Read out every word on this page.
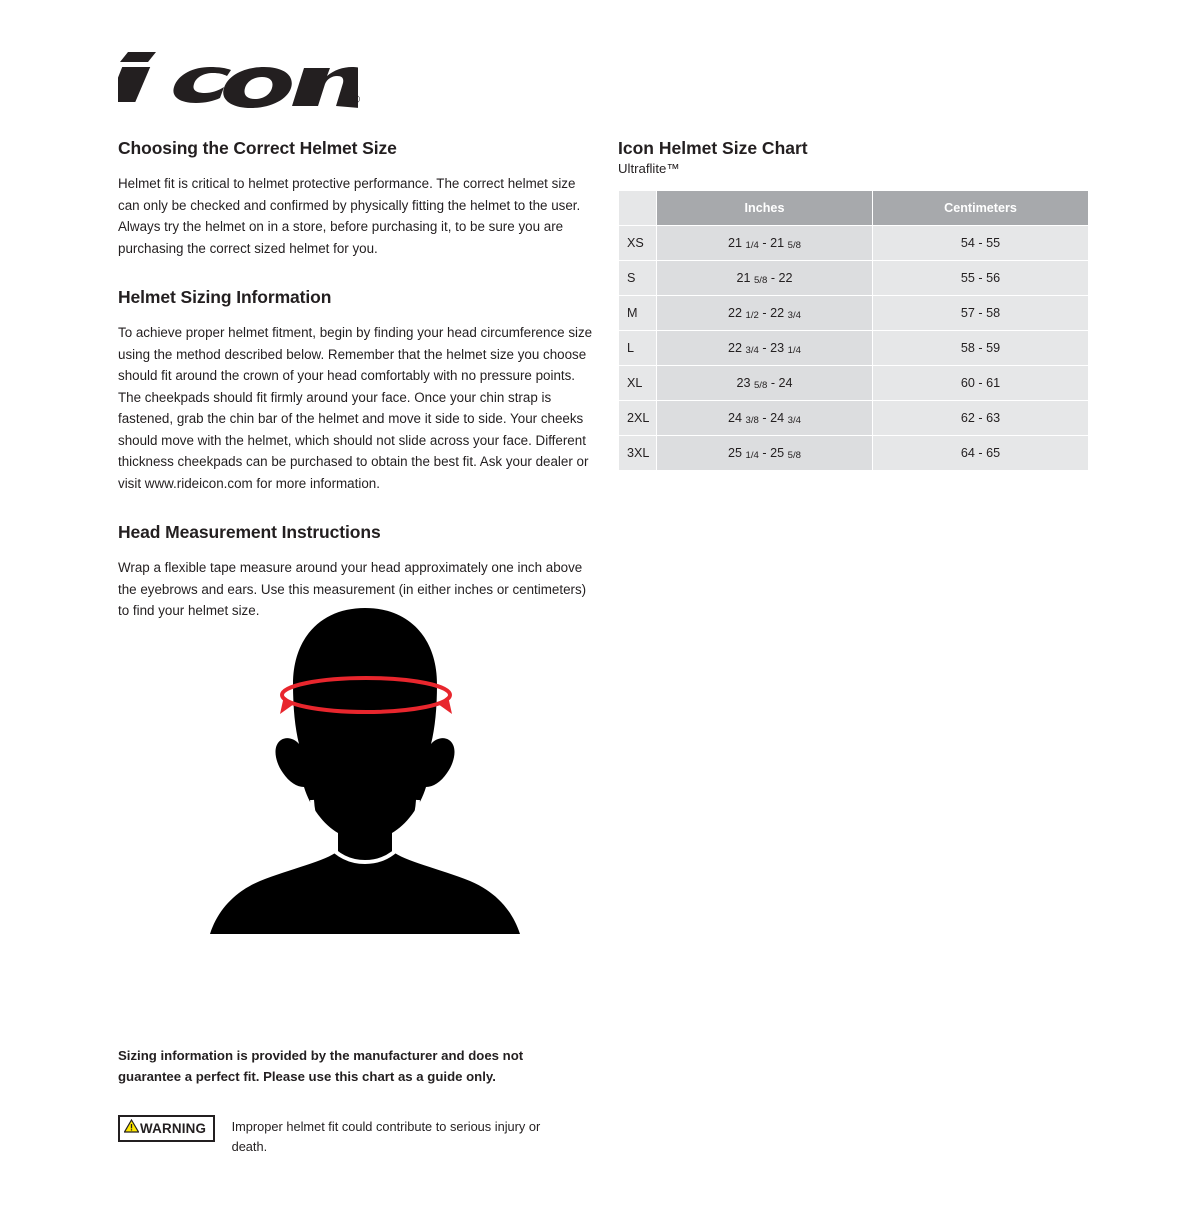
®
Choosing the Correct Helmet Size

Helmet fit is critical to helmet protective performance. The correct helmet size can only be checked and confirmed by physically fitting the helmet to the user. Always try the helmet on in a store, before purchasing it, to be sure you are purchasing the correct sized helmet for you.

Helmet Sizing Information

To achieve proper helmet fitment, begin by finding your head circumference size using the method described below. Remember that the helmet size you choose should fit around the crown of your head comfortably with no pressure points. The cheekpads should fit firmly around your face. Once your chin strap is fastened, grab the chin bar of the helmet and move it side to side. Your cheeks should move with the helmet, which should not slide across your face. Different thickness cheekpads can be purchased to obtain the best fit. Ask your dealer or visit www.rideicon.com for more information.

Head Measurement Instructions

Wrap a flexible tape measure around your head approximately one inch above the eyebrows and ears. Use this measurement (in either inches or centimeters) to find your helmet size.

Icon Helmet Size Chart
Ultraflite™
	Inches	Centimeters
XS	21 1/4 - 21 5/8	54 - 55
S	21 5/8 - 22	55 - 56
M	22 1/2 - 22 3/4	57 - 58
L	22 3/4 - 23 1/4	58 - 59
XL	23 5/8 - 24	60 - 61
2XL	24 3/8 - 24 3/4	62 - 63
3XL	25 1/4 - 25 5/8	64 - 65
Sizing information is provided by the manufacturer and does not guarantee a perfect fit. Please use this chart as a guide only.
WARNING Improper helmet fit could contribute to serious injury or death.
